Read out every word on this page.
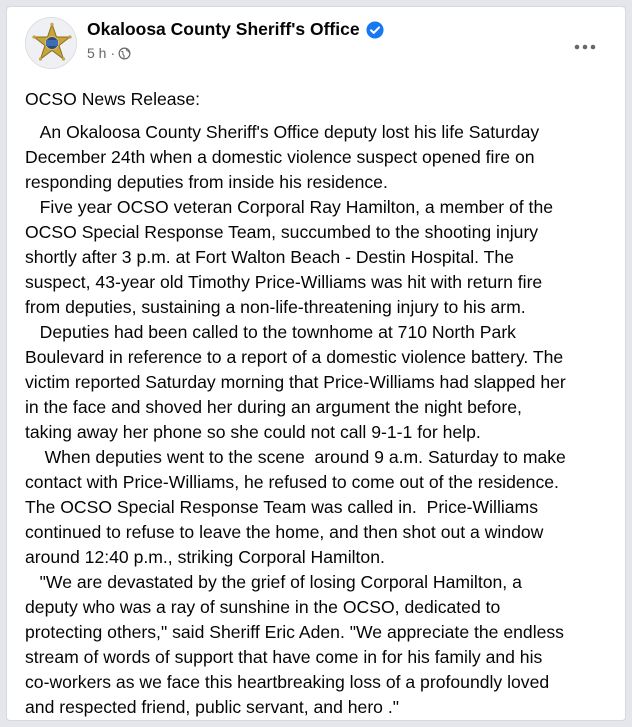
Okaloosa County Sheriff's Office
5 h ·

OCSO News Release:

An Okaloosa County Sheriff's Office deputy lost his life Saturday

December 24th when a domestic violence suspect opened fire on

responding deputies from inside his residence.

Five year OCSO veteran Corporal Ray Hamilton, a member of the

OCSO Special Response Team, succumbed to the shooting injury

shortly after 3 p.m. at Fort Walton Beach - Destin Hospital. The

suspect, 43-year old Timothy Price-Williams was hit with return fire

from deputies, sustaining a non-life-threatening injury to his arm.

Deputies had been called to the townhome at 710 North Park

Boulevard in reference to a report of a domestic violence battery. The

victim reported Saturday morning that Price-Williams had slapped her

in the face and shoved her during an argument the night before,

taking away her phone so she could not call 9-1-1 for help.

When deputies went to the scene  around 9 a.m. Saturday to make

contact with Price-Williams, he refused to come out of the residence.

The OCSO Special Response Team was called in.  Price-Williams

continued to refuse to leave the home, and then shot out a window

around 12:40 p.m., striking Corporal Hamilton.

"We are devastated by the grief of losing Corporal Hamilton, a

deputy who was a ray of sunshine in the OCSO, dedicated to

protecting others," said Sheriff Eric Aden. "We appreciate the endless

stream of words of support that have come in for his family and his

co-workers as we face this heartbreaking loss of a profoundly loved

and respected friend, public servant, and hero ."
